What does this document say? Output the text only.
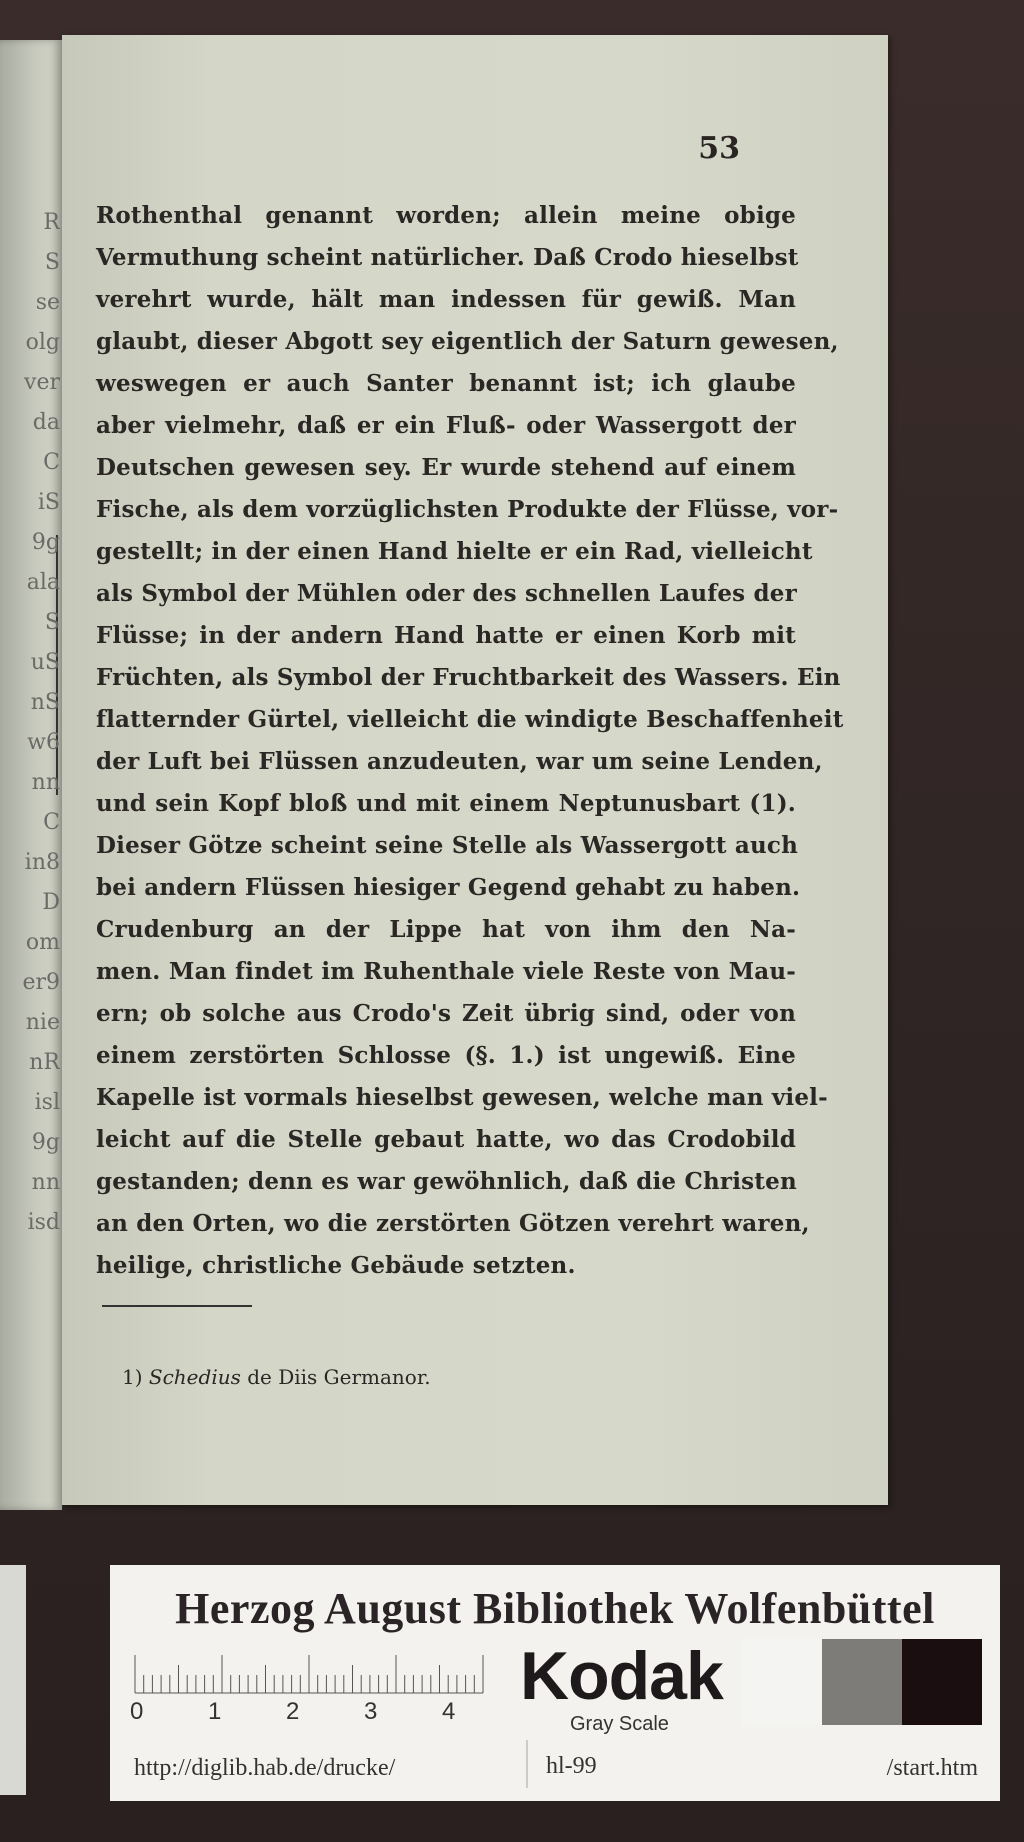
R
S
se
olg
ver
da
C
iS
9g
ala
S
uS
nS
w6
nn
C
in8
D
om
er9
nie
nR
isl
9g
nn
isd
53
Rothenthal genannt worden; allein meine obige
Vermuthung scheint natürlicher. Daß Crodo hieselbst
verehrt wurde, hält man indessen für gewiß. Man
glaubt, dieser Abgott sey eigentlich der Saturn gewesen,
weswegen er auch Santer benannt ist; ich glaube
aber vielmehr, daß er ein Fluß- oder Wassergott der
Deutschen gewesen sey. Er wurde stehend auf einem
Fische, als dem vorzüglichsten Produkte der Flüsse, vor-
gestellt; in der einen Hand hielte er ein Rad, vielleicht
als Symbol der Mühlen oder des schnellen Laufes der
Flüsse; in der andern Hand hatte er einen Korb mit
Früchten, als Symbol der Fruchtbarkeit des Wassers. Ein
flatternder Gürtel, vielleicht die windigte Beschaffenheit
der Luft bei Flüssen anzudeuten, war um seine Lenden,
und sein Kopf bloß und mit einem Neptunusbart (1).
Dieser Götze scheint seine Stelle als Wassergott auch
bei andern Flüssen hiesiger Gegend gehabt zu haben.
Crudenburg an der Lippe hat von ihm den Na-
men. Man findet im Ruhenthale viele Reste von Mau-
ern; ob solche aus Crodo's Zeit übrig sind, oder von
einem zerstörten Schlosse (§. 1.) ist ungewiß. Eine
Kapelle ist vormals hieselbst gewesen, welche man viel-
leicht auf die Stelle gebaut hatte, wo das Crodobild
gestanden; denn es war gewöhnlich, daß die Christen
an den Orten, wo die zerstörten Götzen verehrt waren,
heilige, christliche Gebäude setzten.
1) Schedius de Diis Germanor.
Herzog August Bibliothek Wolfenbüttel
0	1	2	3	4 Kodak
Gray Scale
http://diglib.hab.de/drucke/	hl-99	/start.htm
